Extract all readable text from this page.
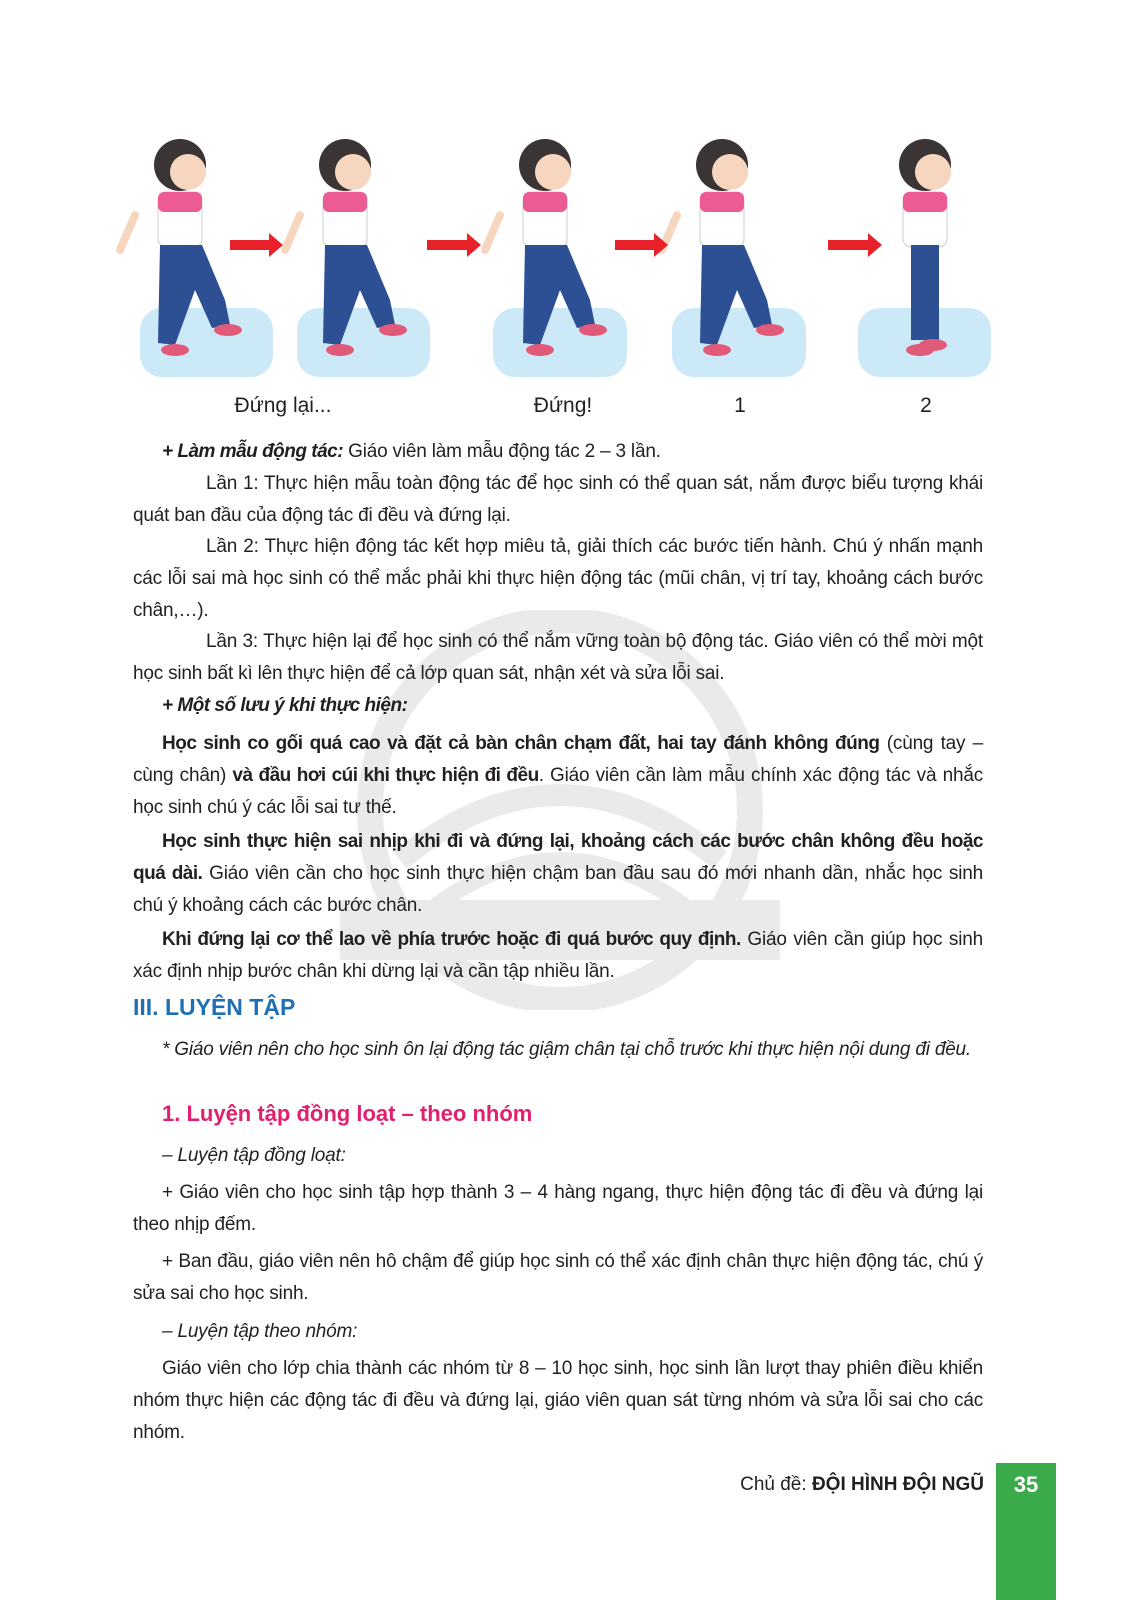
Đứng lại...	Đứng!	1	2
+ Làm mẫu động tác: Giáo viên làm mẫu động tác 2 – 3 lần.
Lần 1: Thực hiện mẫu toàn động tác để học sinh có thể quan sát, nắm được biểu tượng khái quát ban đầu của động tác đi đều và đứng lại.
Lần 2: Thực hiện động tác kết hợp miêu tả, giải thích các bước tiến hành. Chú ý nhấn mạnh các lỗi sai mà học sinh có thể mắc phải khi thực hiện động tác (mũi chân, vị trí tay, khoảng cách bước chân,…).
Lần 3: Thực hiện lại để học sinh có thể nắm vững toàn bộ động tác. Giáo viên có thể mời một học sinh bất kì lên thực hiện để cả lớp quan sát, nhận xét và sửa lỗi sai.
+ Một số lưu ý khi thực hiện:
Học sinh co gối quá cao và đặt cả bàn chân chạm đất, hai tay đánh không đúng (cùng tay – cùng chân) và đầu hơi cúi khi thực hiện đi đều. Giáo viên cần làm mẫu chính xác động tác và nhắc học sinh chú ý các lỗi sai tư thế.
Học sinh thực hiện sai nhịp khi đi và đứng lại, khoảng cách các bước chân không đều hoặc quá dài. Giáo viên cần cho học sinh thực hiện chậm ban đầu sau đó mới nhanh dần, nhắc học sinh chú ý khoảng cách các bước chân.
Khi đứng lại cơ thể lao về phía trước hoặc đi quá bước quy định. Giáo viên cần giúp học sinh xác định nhịp bước chân khi dừng lại và cần tập nhiều lần.
III. LUYỆN TẬP
* Giáo viên nên cho học sinh ôn lại động tác giậm chân tại chỗ trước khi thực hiện nội dung đi đều.
1. Luyện tập đồng loạt – theo nhóm
– Luyện tập đồng loạt:
+ Giáo viên cho học sinh tập hợp thành 3 – 4 hàng ngang, thực hiện động tác đi đều và đứng lại theo nhịp đếm.
+ Ban đầu, giáo viên nên hô chậm để giúp học sinh có thể xác định chân thực hiện động tác, chú ý sửa sai cho học sinh.
– Luyện tập theo nhóm:
Giáo viên cho lớp chia thành các nhóm từ 8 – 10 học sinh, học sinh lần lượt thay phiên điều khiển nhóm thực hiện các động tác đi đều và đứng lại, giáo viên quan sát từng nhóm và sửa lỗi sai cho các nhóm.
Chủ đề: ĐỘI HÌNH ĐỘI NGŨ	35
